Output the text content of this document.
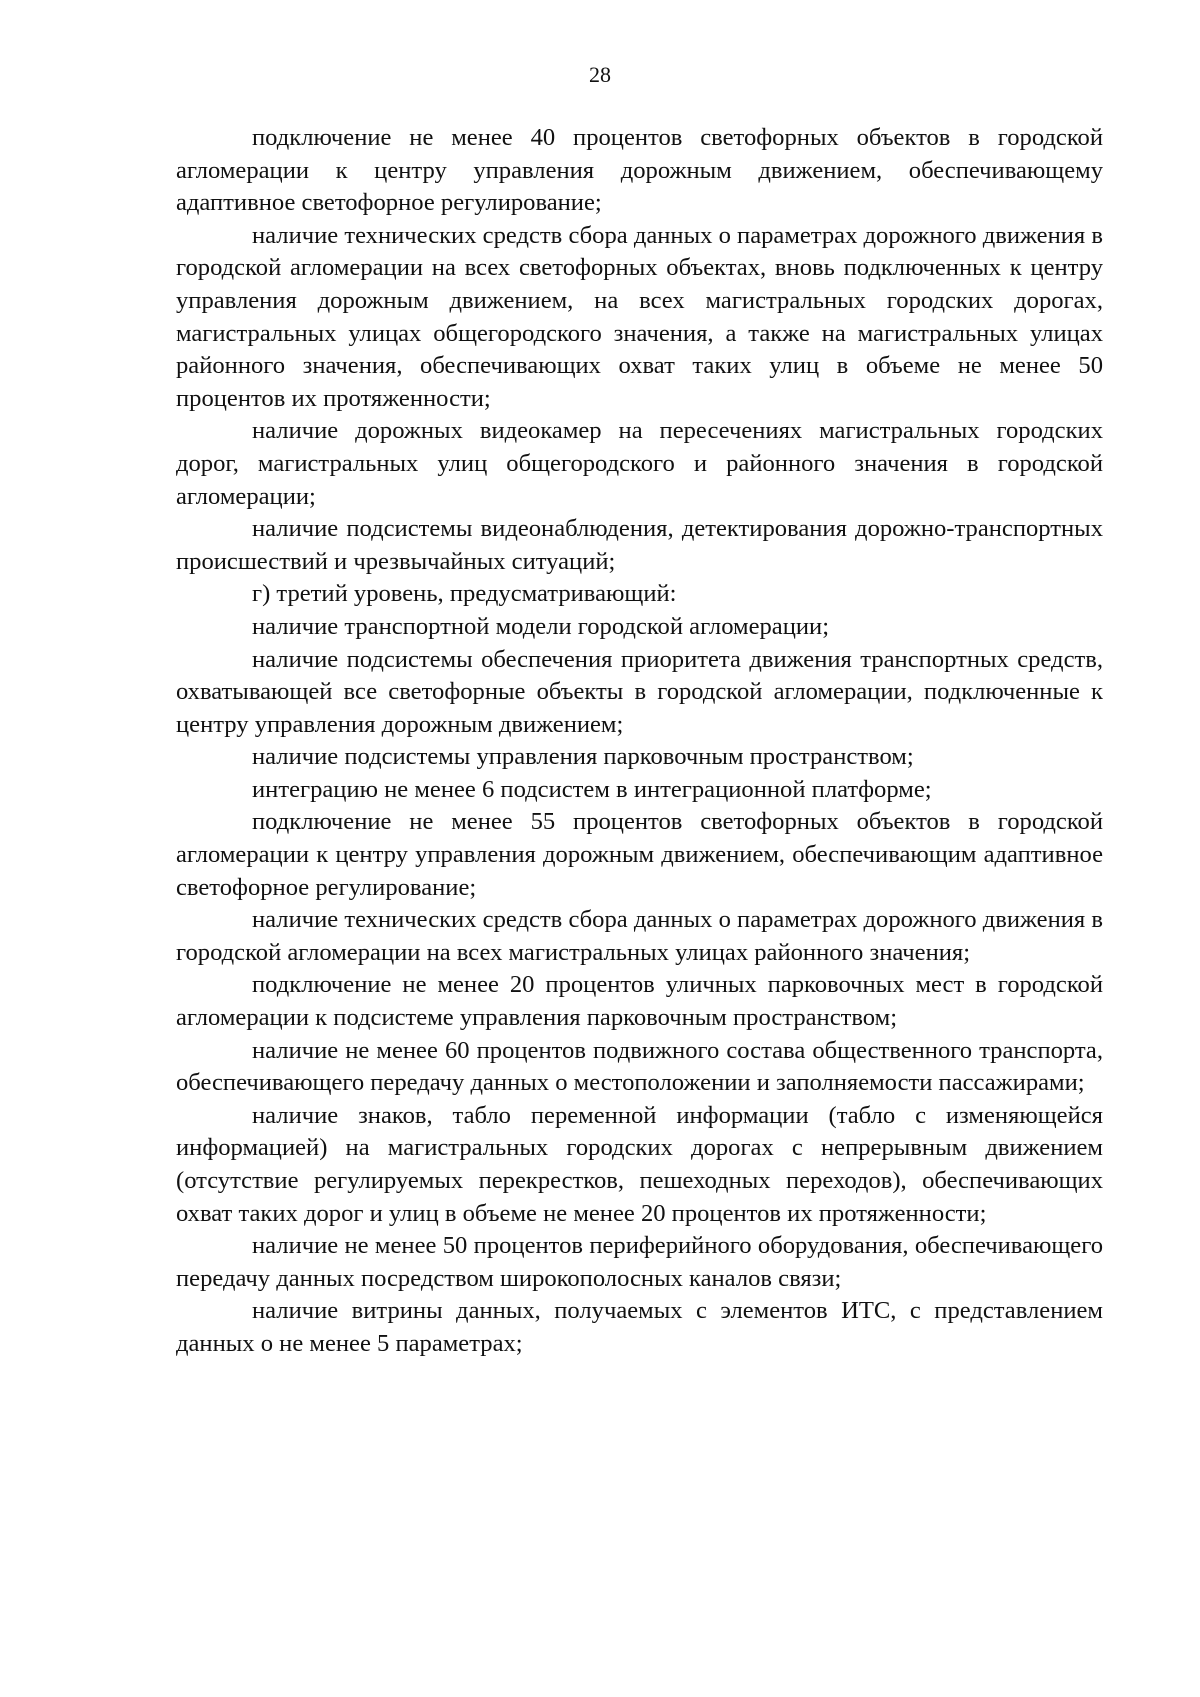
28

подключение не менее 40 процентов светофорных объектов в городской агломерации к центру управления дорожным движением, обеспечивающему адаптивное светофорное регулирование;

наличие технических средств сбора данных о параметрах дорожного движения в городской агломерации на всех светофорных объектах, вновь подключенных к центру управления дорожным движением, на всех магистральных городских дорогах, магистральных улицах общегородского значения, а также на магистральных улицах районного значения, обеспечивающих охват таких улиц в объеме не менее 50 процентов их протяженности;

наличие дорожных видеокамер на пересечениях магистральных городских дорог, магистральных улиц общегородского и районного значения в городской агломерации;

наличие подсистемы видеонаблюдения, детектирования дорожно-транспортных происшествий и чрезвычайных ситуаций;

г) третий уровень, предусматривающий:

наличие транспортной модели городской агломерации;

наличие подсистемы обеспечения приоритета движения транспортных средств, охватывающей все светофорные объекты в городской агломерации, подключенные к центру управления дорожным движением;

наличие подсистемы управления парковочным пространством;

интеграцию не менее 6 подсистем в интеграционной платформе;

подключение не менее 55 процентов светофорных объектов в городской агломерации к центру управления дорожным движением, обеспечивающим адаптивное светофорное регулирование;

наличие технических средств сбора данных о параметрах дорожного движения в городской агломерации на всех магистральных улицах районного значения;

подключение не менее 20 процентов уличных парковочных мест в городской агломерации к подсистеме управления парковочным пространством;

наличие не менее 60 процентов подвижного состава общественного транспорта, обеспечивающего передачу данных о местоположении и заполняемости пассажирами;

наличие знаков, табло переменной информации (табло с изменяющейся информацией) на магистральных городских дорогах с непрерывным движением (отсутствие регулируемых перекрестков, пешеходных переходов), обеспечивающих охват таких дорог и улиц в объеме не менее 20 процентов их протяженности;

наличие не менее 50 процентов периферийного оборудования, обеспечивающего передачу данных посредством широкополосных каналов связи;

наличие витрины данных, получаемых с элементов ИТС, с представлением данных о не менее 5 параметрах;
